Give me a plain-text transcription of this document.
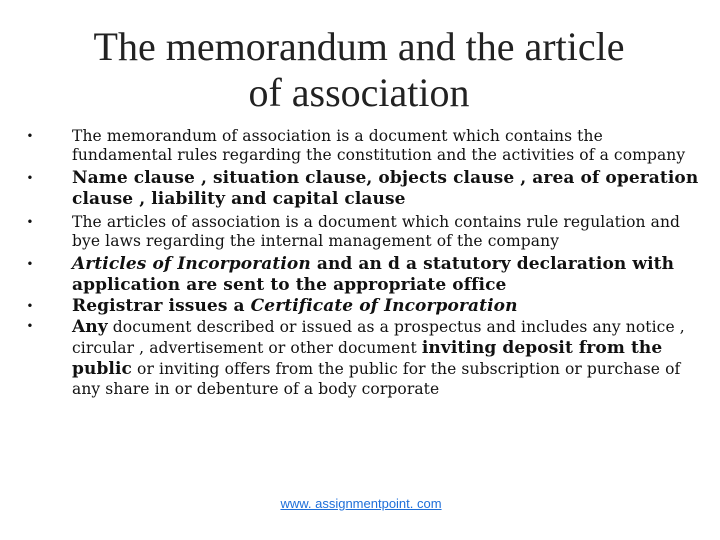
The memorandum and the article
of association
• The memorandum of association is a document which contains the fundamental rules regarding the constitution and the activities of a company
• Name clause , situation clause, objects clause , area of operation clause , liability and capital clause
• The articles of association is a document which contains rule regulation and bye laws regarding the internal management of the company
• Articles of Incorporation and an d a statutory declaration with application are sent to the appropriate office
• Registrar issues a Certificate of Incorporation
• Any document described or issued as a prospectus and includes any notice , circular , advertisement or other document inviting deposit from the public or inviting offers from the public for the subscription or purchase of any share in or debenture of a body corporate
www. assignmentpoint. com
